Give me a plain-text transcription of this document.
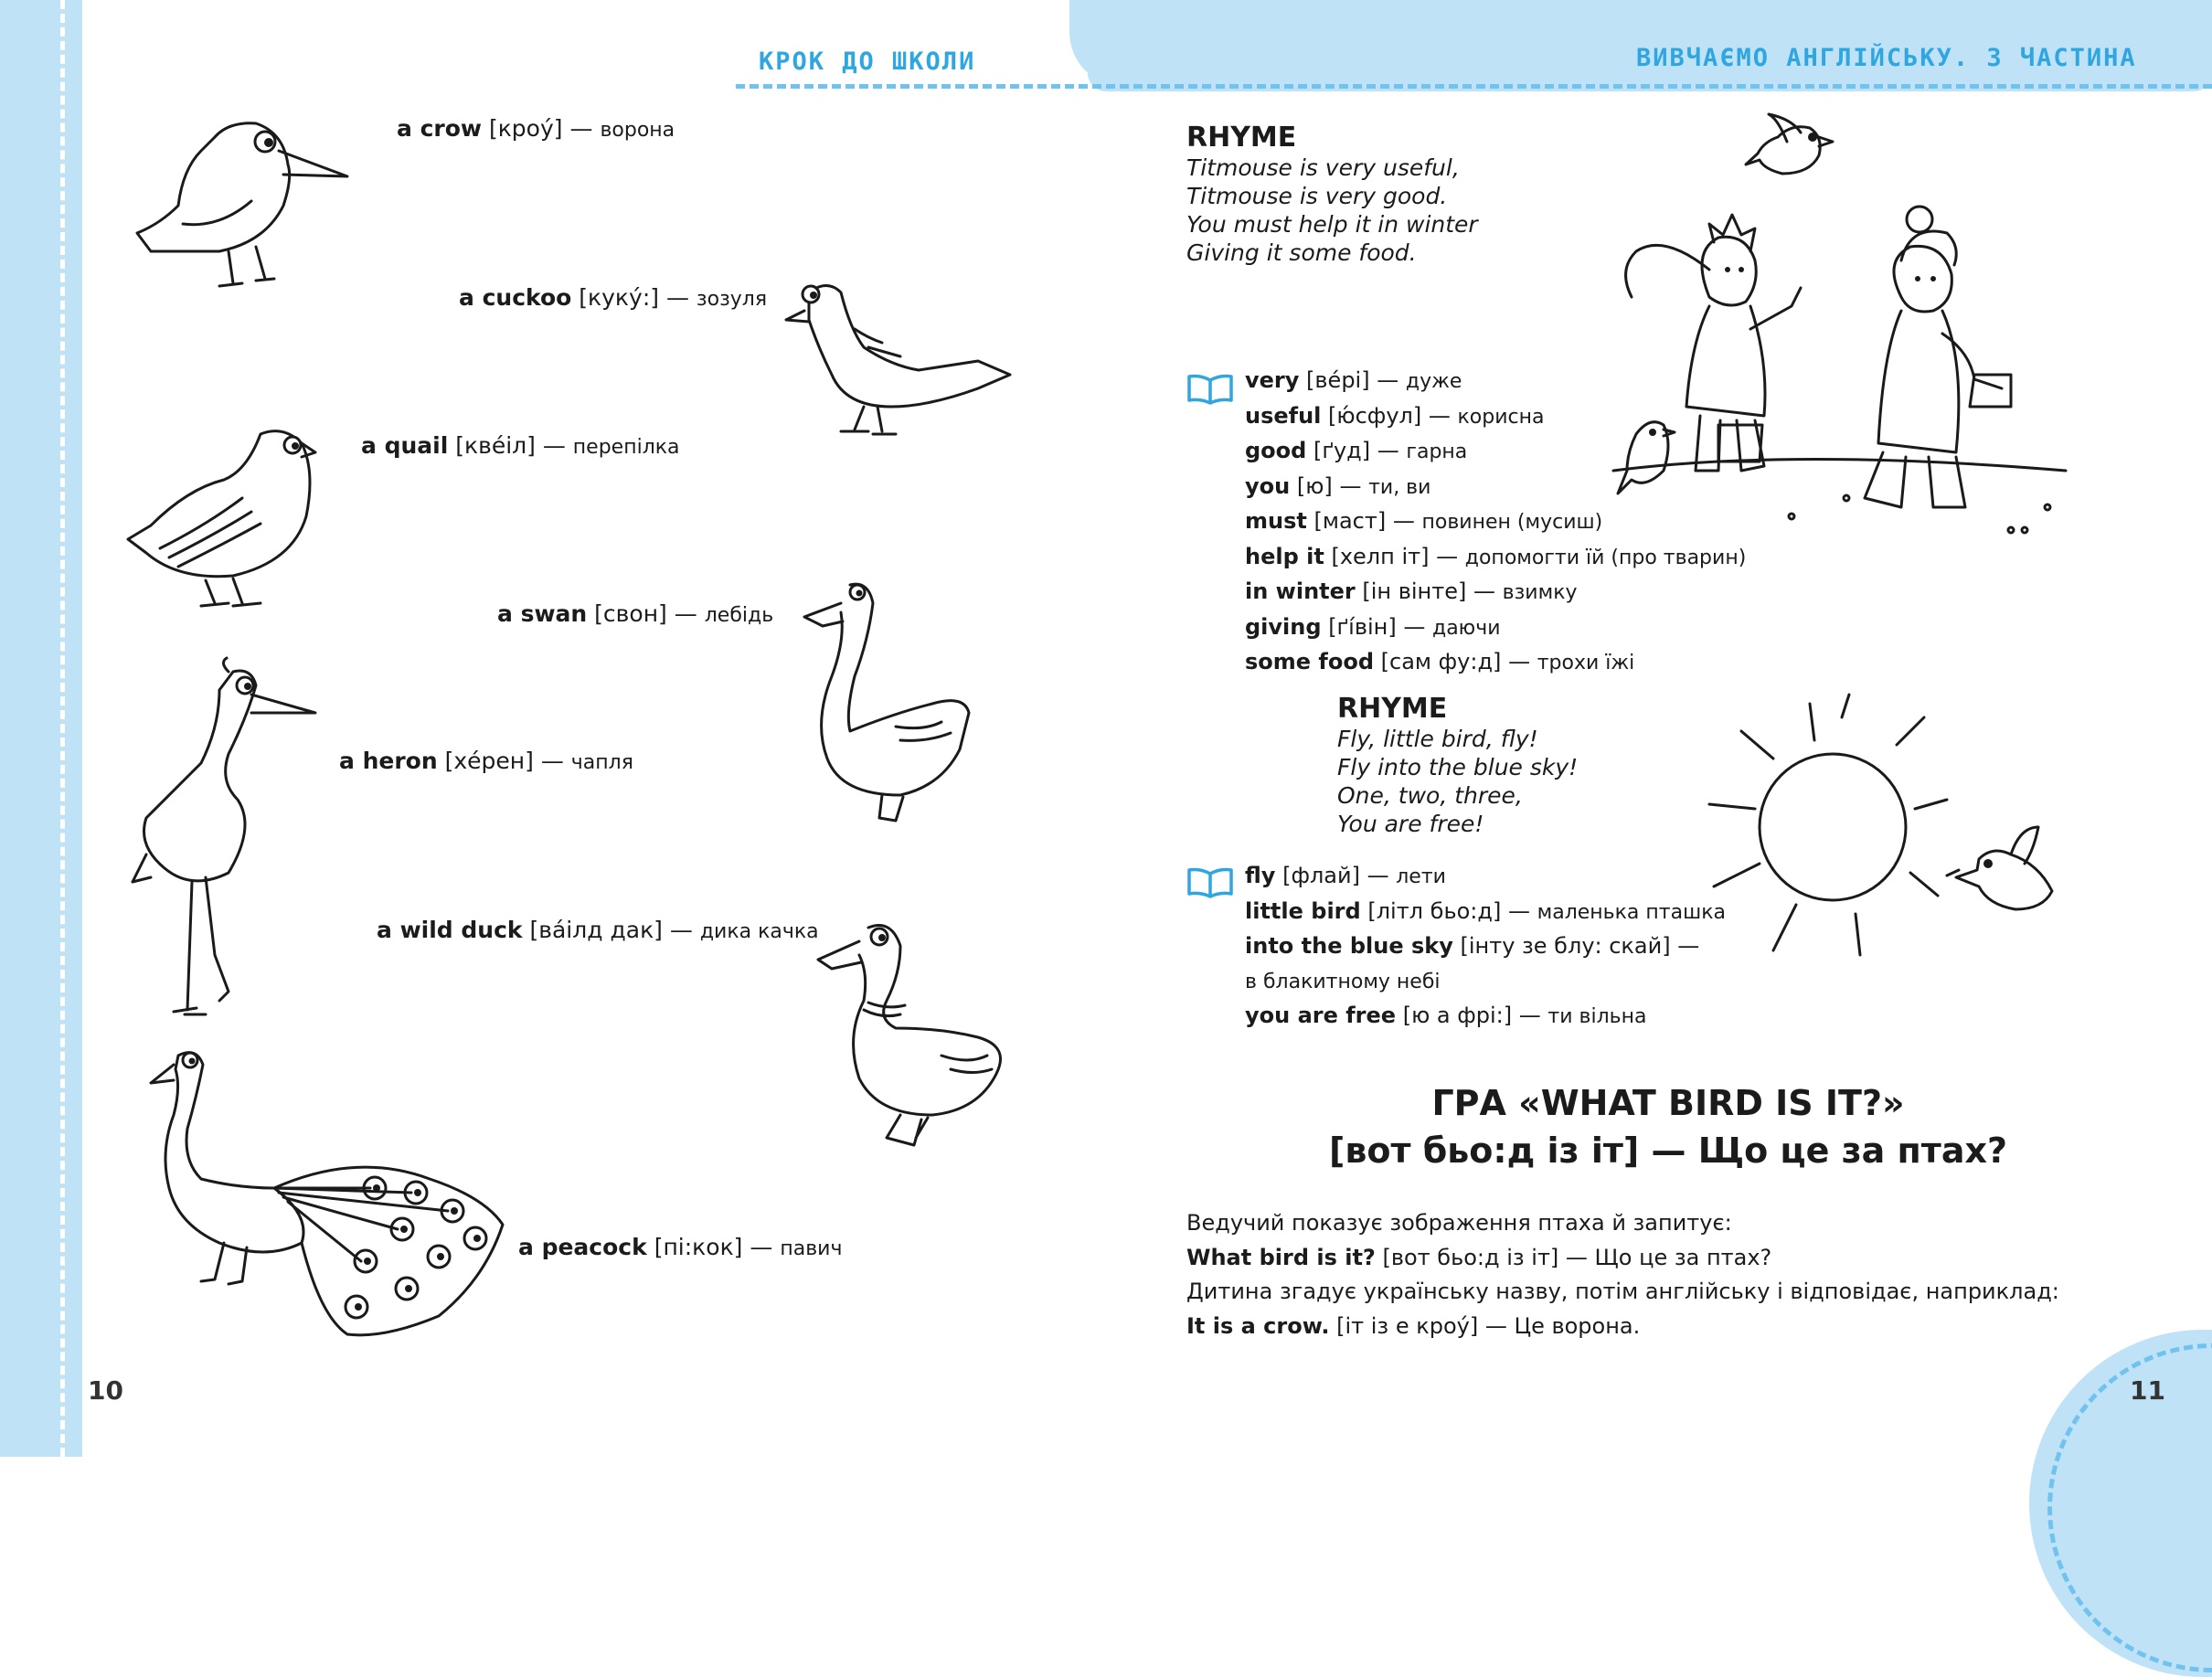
КРОК ДО ШКОЛИ	ВИВЧАЄМО АНГЛІЙСЬКУ. 3 ЧАСТИНА
10	11
a crow [кроу́] — ворона
a cuckoo [куку́:] — зозуля
a quail [квéіл] — перепілка
a swan [свон] — лебідь
a heron [хéрен] — чапля
a wild duck [вáілд дак] — дика качка
a peacock [пі:кок] — павич
RHYME
Titmouse is very useful,
Titmouse is very good.
You must help it in winter
Giving it some food.
very [вéрі] — дуже
useful [ю́сфул] — корисна
good [ґуд] — гарна
you [ю] — ти, ви
must [маст] — повинен (мусиш)
help it [хелп іт] — допомогти їй (про тварин)
in winter [ін вінте] — взимку
giving [ґíвін] — даючи
some food [сам фу:д] — трохи їжі
RHYME
Fly, little bird, fly!
Fly into the blue sky!
One, two, three,
You are free!
fly [флай] — лети
little bird [літл бьо:д] — маленька пташка
into the blue sky [інту зе блу: скай] —
в блакитному небі
you are free [ю а фрі:] — ти вільна
ГРА «WHAT BIRD IS IT?»
[вот бьо:д із іт] — Що це за птах?
Ведучий показує зображення птаха й запитує:
What bird is it? [вот бьо:д із іт] — Що це за птах?
Дитина згадує українську назву, потім англійську і відповідає, наприклад:
It is a crow. [іт із е кроу́] — Це ворона.
